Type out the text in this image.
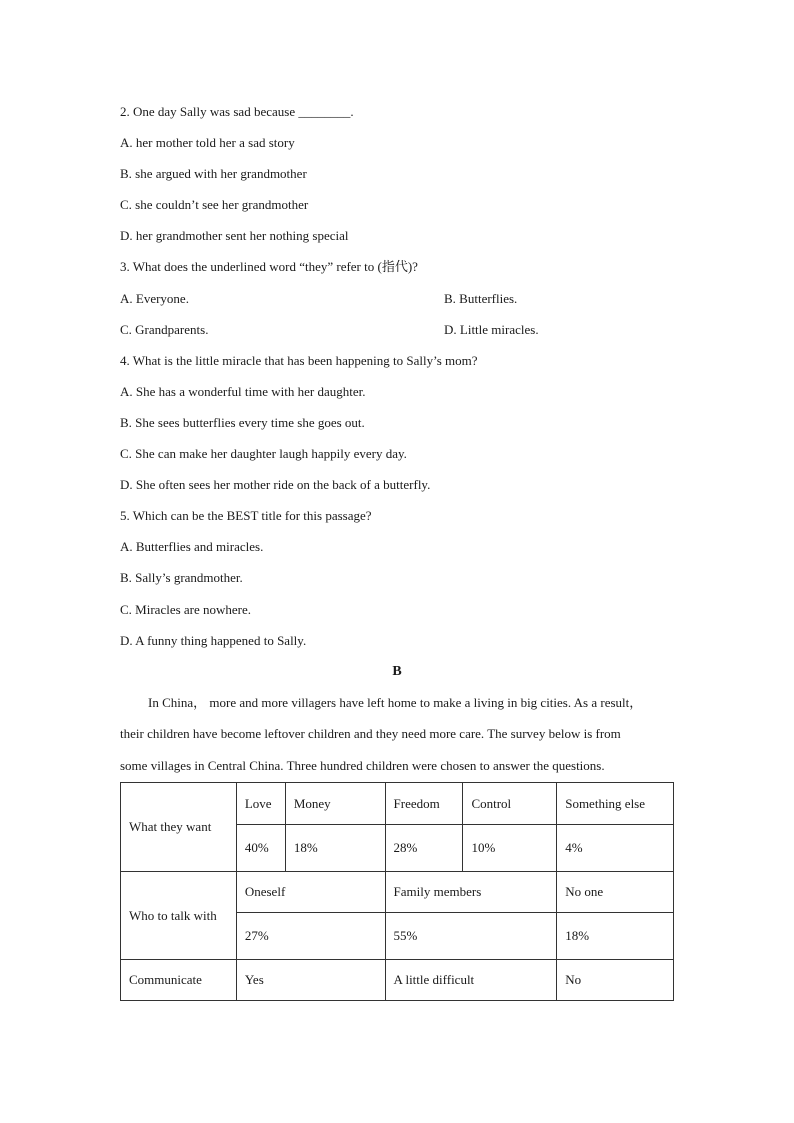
2. One day Sally was sad because ________.
A. her mother told her a sad story
B. she argued with her grandmother
C. she couldn’t see her grandmother
D. her grandmother sent her nothing special
3. What does the underlined word “they” refer to (指代)?
A. Everyone.	B. Butterflies.
C. Grandparents.	D. Little miracles.
4. What is the little miracle that has been happening to Sally’s mom?
A. She has a wonderful time with her daughter.
B. She sees butterflies every time she goes out.
C. She can make her daughter laugh happily every day.
D. She often sees her mother ride on the back of a butterfly.
5. Which can be the BEST title for this passage?
A. Butterflies and miracles.
B. Sally’s grandmother.
C. Miracles are nowhere.
D. A funny thing happened to Sally.
B
In China， more and more villagers have left home to make a living in big cities. As a result，
their children have become leftover children and they need more care. The survey below is from
some villages in Central China. Three hundred children were chosen to answer the questions.
What they want	Love	Money	Freedom	Control	Something else
	40%	18%	28%	10%	4%
Who to talk with	Oneself		Family members		No one
	27%		55%		18%
Communicate	Yes		A little difficult		No
